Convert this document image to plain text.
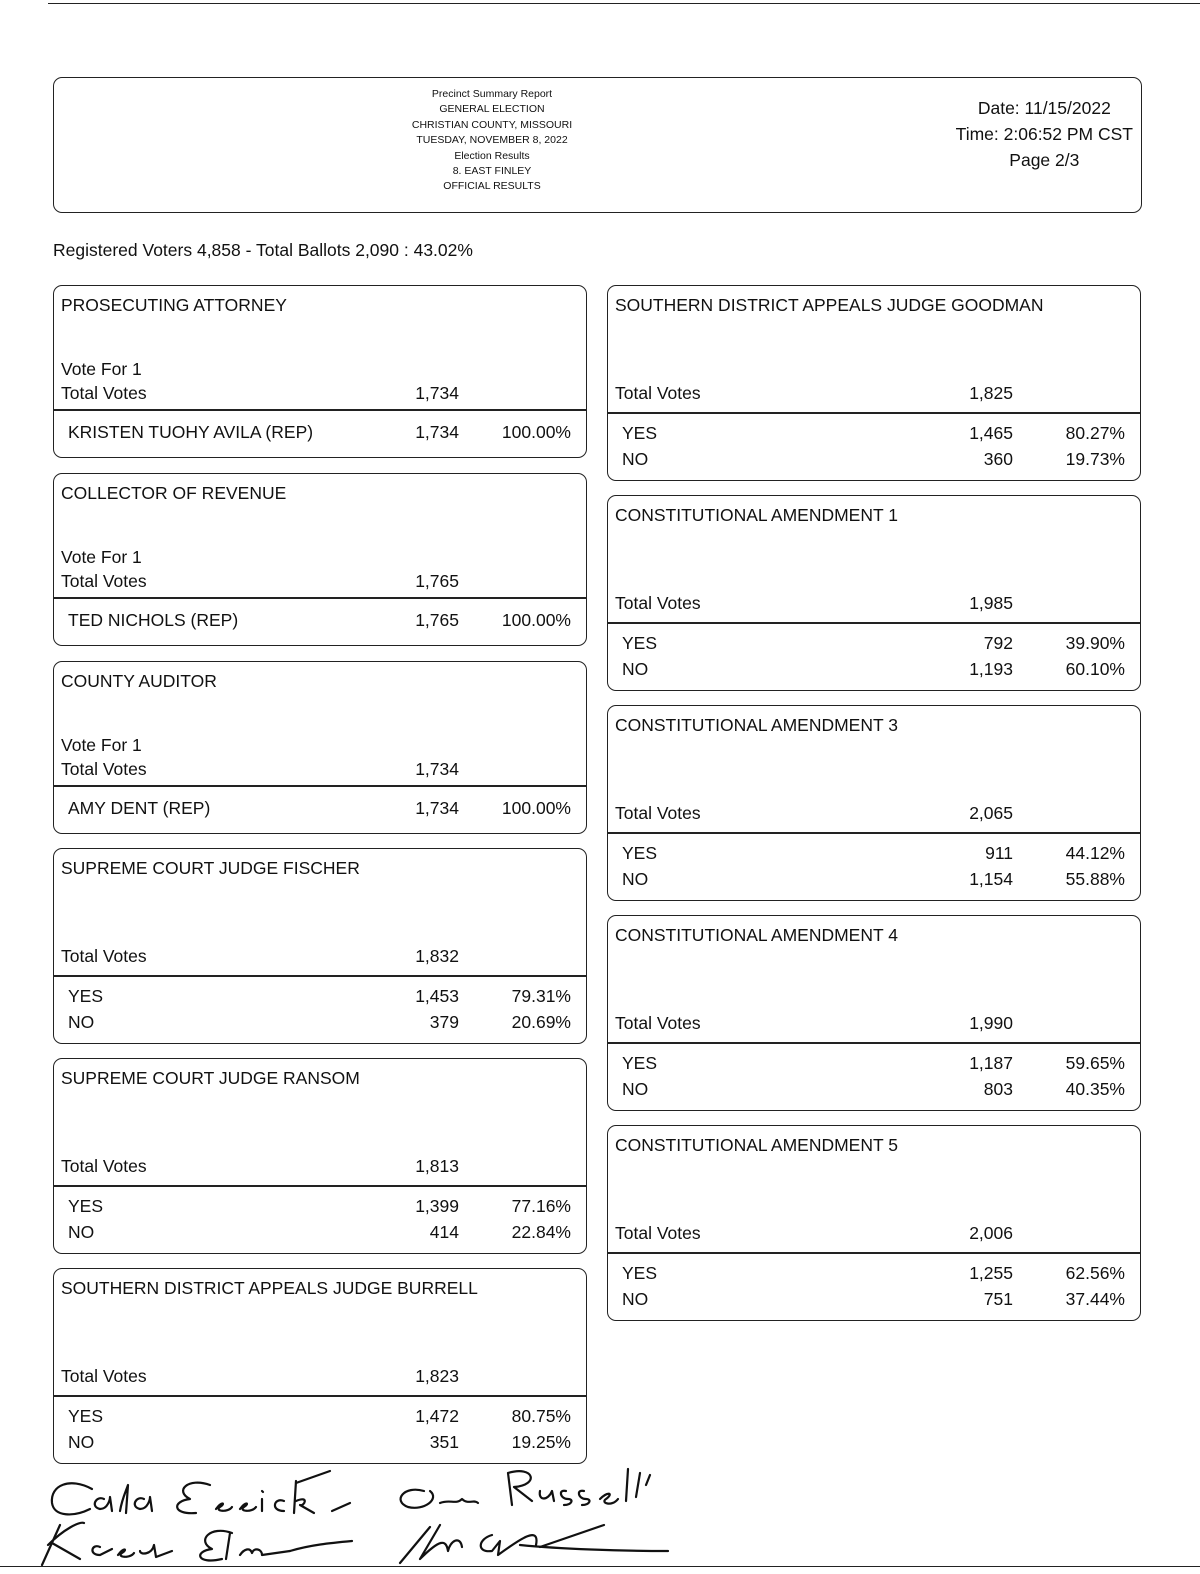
Precinct Summary Report
GENERAL ELECTION
CHRISTIAN COUNTY, MISSOURI
TUESDAY, NOVEMBER 8, 2022
Election Results
8. EAST FINLEY
OFFICIAL RESULTS
Date: 11/15/2022
Time: 2:06:52 PM CST
Page 2/3
Registered Voters 4,858 - Total Ballots 2,090 : 43.02%
PROSECUTING ATTORNEY
Vote For 1
Total Votes	1,734
KRISTEN TUOHY AVILA (REP)	1,734 100.00%
COLLECTOR OF REVENUE
Vote For 1
Total Votes	1,765
TED NICHOLS (REP)	1,765 100.00%
COUNTY AUDITOR
Vote For 1
Total Votes	1,734
AMY DENT (REP)	1,734 100.00%
SUPREME COURT JUDGE FISCHER
Total Votes	1,832
YES	1,453	79.31%
NO	379	20.69%
SUPREME COURT JUDGE RANSOM
Total Votes	1,813
YES	1,399	77.16%
NO	414	22.84%
SOUTHERN DISTRICT APPEALS JUDGE BURRELL
Total Votes	1,823
YES	1,472	80.75%
NO	351	19.25%
SOUTHERN DISTRICT APPEALS JUDGE GOODMAN
Total Votes	1,825
YES	1,465	80.27%
NO	360	19.73%
CONSTITUTIONAL AMENDMENT 1
Total Votes	1,985
YES	792	39.90%
NO	1,193	60.10%
CONSTITUTIONAL AMENDMENT 3
Total Votes	2,065
YES	911	44.12%
NO	1,154	55.88%
CONSTITUTIONAL AMENDMENT 4
Total Votes	1,990
YES	1,187	59.65%
NO	803	40.35%
CONSTITUTIONAL AMENDMENT 5
Total Votes	2,006
YES	1,255	62.56%
NO	751	37.44%
